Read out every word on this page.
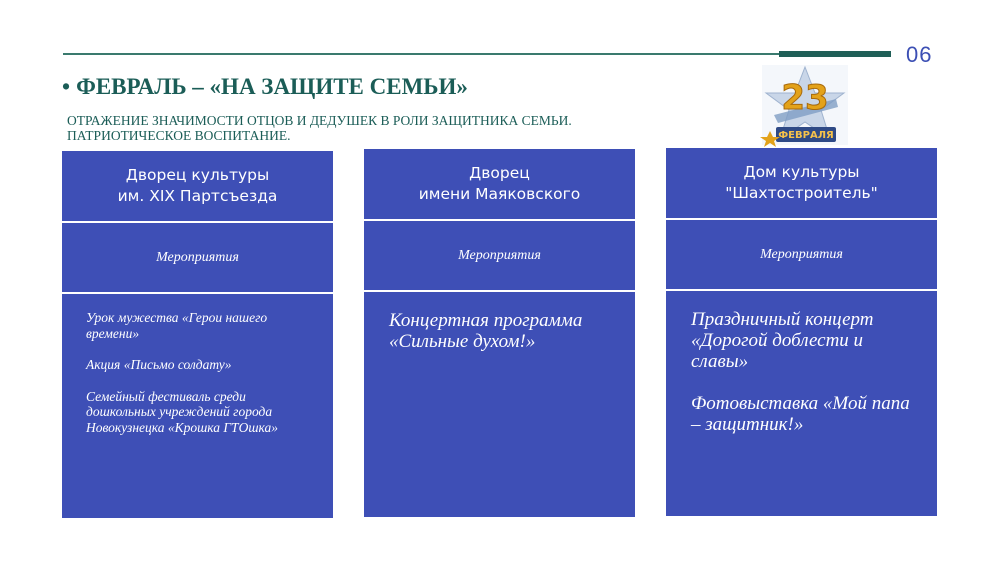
06
• ФЕВРАЛЬ – «НА ЗАЩИТЕ СЕМЬИ»
ОТРАЖЕНИЕ ЗНАЧИМОСТИ ОТЦОВ И ДЕДУШЕК В РОЛИ ЗАЩИТНИКА СЕМЬИ.
ПАТРИОТИЧЕСКОЕ ВОСПИТАНИЕ.
23
ФЕВРАЛЯ
Дворец культуры
им. XIX Партсъезда
Мероприятия

Урок мужества «Герои нашего времени»

Акция «Письмо солдату»

Семейный фестиваль среди дошкольных учреждений города Новокузнецка «Крошка ГТОшка»

Дворец
имени Маяковского
Мероприятия

Концертная программа «Сильные духом!»

Дом культуры
"Шахтостроитель"
Мероприятия

Праздничный концерт «Дорогой доблести и славы»

Фотовыставка «Мой папа – защитник!»
